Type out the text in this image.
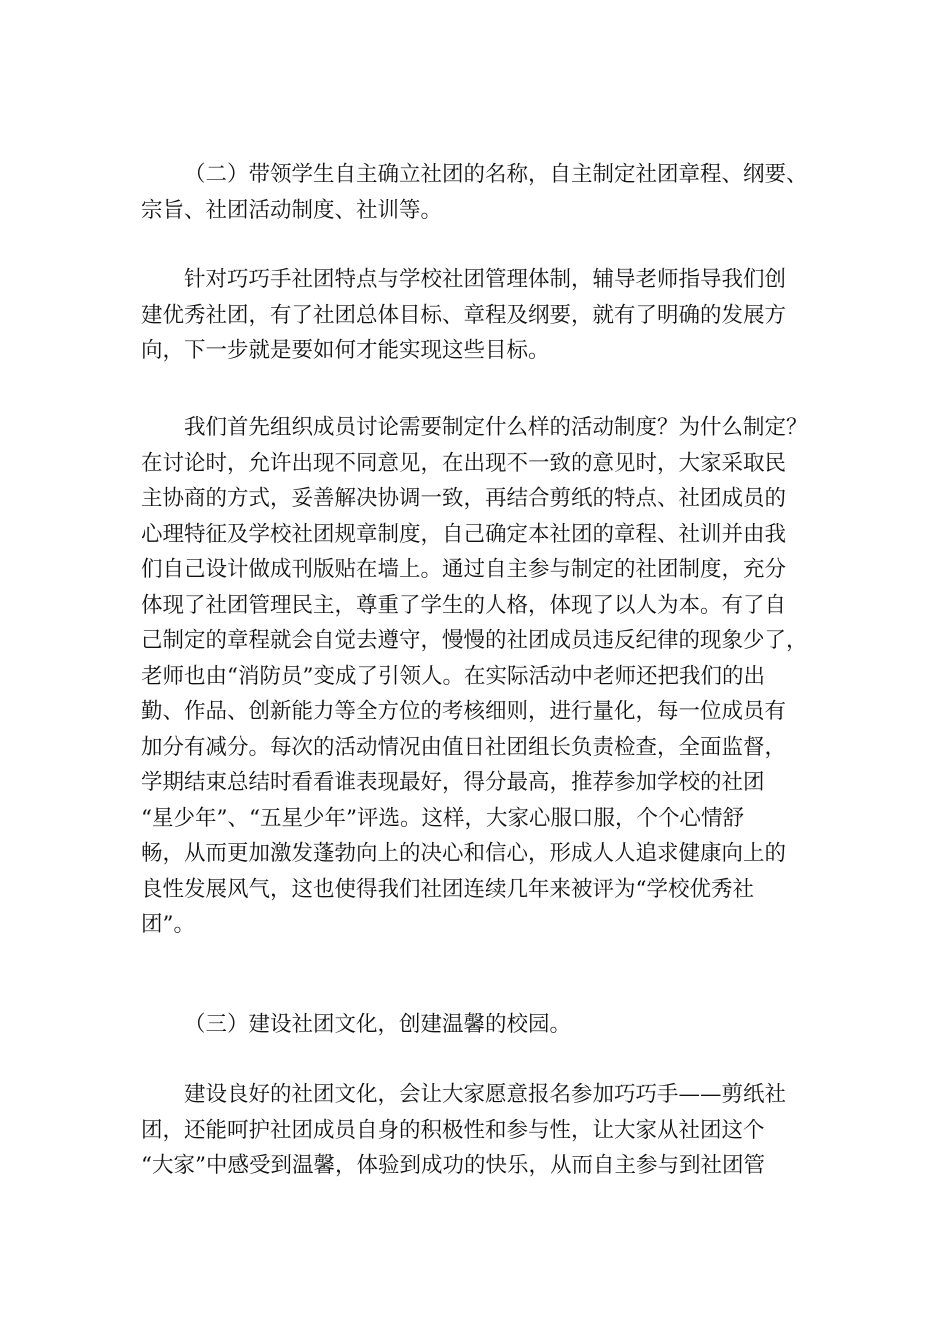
（二）带领学生自主确立社团的名称，自主制定社团章程、纲要、
宗旨、社团活动制度、社训等。
针对巧巧手社团特点与学校社团管理体制，辅导老师指导我们创
建优秀社团，有了社团总体目标、章程及纲要，就有了明确的发展方
向，下一步就是要如何才能实现这些目标。
我们首先组织成员讨论需要制定什么样的活动制度？为什么制定？
在讨论时，允许出现不同意见，在出现不一致的意见时，大家采取民
主协商的方式，妥善解决协调一致，再结合剪纸的特点、社团成员的
心理特征及学校社团规章制度，自己确定本社团的章程、社训并由我
们自己设计做成刊版贴在墙上。通过自主参与制定的社团制度，充分
体现了社团管理民主，尊重了学生的人格，体现了以人为本。有了自
己制定的章程就会自觉去遵守，慢慢的社团成员违反纪律的现象少了，
老师也由“消防员”变成了引领人。在实际活动中老师还把我们的出
勤、作品、创新能力等全方位的考核细则，进行量化，每一位成员有
加分有减分。每次的活动情况由值日社团组长负责检查，全面监督，
学期结束总结时看看谁表现最好，得分最高，推荐参加学校的社团
“星少年”、“五星少年”评选。这样，大家心服口服，个个心情舒
畅，从而更加激发蓬勃向上的决心和信心，形成人人追求健康向上的
良性发展风气，这也使得我们社团连续几年来被评为“学校优秀社
团”。
（三）建设社团文化，创建温馨的校园。
建设良好的社团文化，会让大家愿意报名参加巧巧手——剪纸社
团，还能呵护社团成员自身的积极性和参与性，让大家从社团这个
“大家”中感受到温馨，体验到成功的快乐，从而自主参与到社团管
